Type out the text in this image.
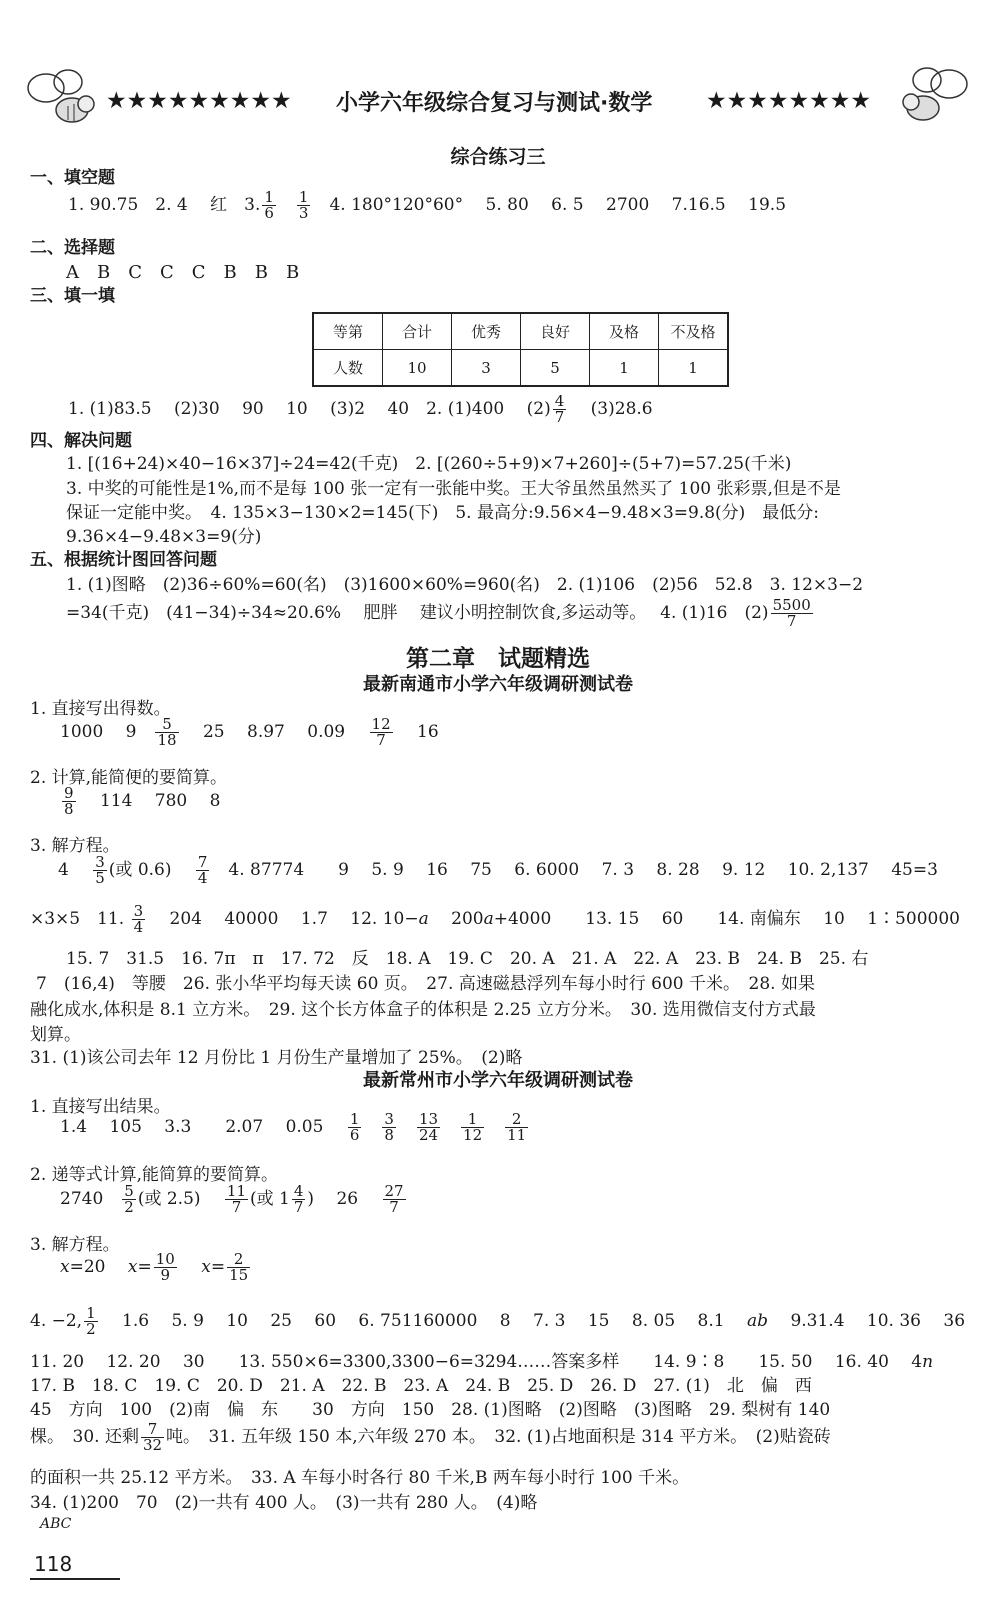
★★★★★★★★★ 小学六年级综合复习与测试·数学 ★★★★★★★★
综合练习三
一、填空题
1. 90.75　2. 4　 红　3. $\frac{1}{6}$
　 $\frac{1}{3}$ 　4. 180°120°60°　 5. 80　 6. 5　 2700　 7.16.5　 19.5
二、选择题
A　B　C　C　C　B　B　B
三、填一填
等第	合计	优秀	良好	及格	不及格
人数	10	3	5	1	1
1. (1)83.5　 (2)30　 90　 10　 (3)2　 40　2. (1)400　 $(2) \frac{4}{7}$ 　 (3)28.6
四、解决问题
1. [(16+24)×40−16×37]÷24=42(千克)　2. [(260÷5+9)×7+260]÷(5+7)=57.25(千米)
3. 中奖的可能性是1%,而不是每 100 张一定有一张能中奖。王大爷虽然虽然买了 100 张彩票,但是不是
保证一定能中奖。　4. 135×3−130×2=145(下)　5. 最高分:9.56×4−9.48×3=9.8(分)　最低分:
9.36×4−9.48×3=9(分)
五、根据统计图回答问题
1. (1)图略　(2)36÷60%=60(名)　(3)1600×60%=960(名)　2. (1)106　(2)56　52.8　3. 12×3−2
=34(千克)　(41−34)÷34≈20.6%　 肥胖　 建议小明控制饮食,多运动等。　 4. (1)16　$(2) \frac{5500}{7}$
第二章　试题精选
最新南通市小学六年级调研测试卷
1. 直接写出得数。
1000　 9　 $\frac{5}{18}$ 　 25　 8.97　 0.09　 $\frac{12}{7}$ 　 16
2. 计算,能简便的要简算。
$\frac{9}{8}$ 　 114　 780　 8
3. 解方程。
4　 $\frac{3}{5}$ (或 0.6)　 $\frac{7}{4}$ 　4. 87774　　9　 5. 9　 16　 75　 6. 6000　 7. 3　 8. 28　 9. 12　 10. 2,137　 45=3
×3×5　11. $\frac{3}{4}$ 　 204　 40000　 1.7　 12. 10−a　 200a+4000　　13. 15　 60　　14. 南偏东　 10　 1∶500000
15. 7　31.5　16. 7π　π　17. 72　反　18. A　19. C　20. A　21. A　22. A　23. B　24. B　25. 右
7　(16,4)　等腰　26. 张小华平均每天读 60 页。　27. 高速磁悬浮列车每小时行 600 千米。　28. 如果
融化成水,体积是 8.1 立方米。　29. 这个长方体盒子的体积是 2.25 立方分米。　30. 选用微信支付方式最
划算。
31. (1)该公司去年 12 月份比 1 月份生产量增加了 25%。　(2)略
最新常州市小学六年级调研测试卷
1. 直接写出结果。
1.4　 105　 3.3　　2.07　 0.05　 $\frac{1}{6}$
　 $\frac{3}{8}$
　 $\frac{13}{24}$
　 $\frac{1}{12}$
　 $\frac{2}{11}$
2. 递等式计算,能简算的要简算。
2740　 $\frac{5}{2}$ (或 2.5)　 $\frac{11}{7}$ (或 $1 \frac{4}{7}$ )　 26　 $\frac{27}{7}$
3. 解方程。
x=20　 $x= \frac{10}{9}$
　 $x= \frac{2}{15}$
4. −2, $\frac{1}{2}$ 　 1.6　 5. 9　 10　 25　 60　 6. 751160000　 8　 7. 3　 15　 8. 05　 8.1　 ab　 9.31.4　 10. 36　 36
11. 20　 12. 20　 30　　13. 550×6=3300,3300−6=3294……答案多样　　14. 9∶8　　15. 50　 16. 40　 4n
17. B　18. C　19. C　20. D　21. A　22. B　23. A　24. B　25. D　26. D　27. (1)　北　偏　西
45　方向　100　(2)南　偏　东　　30　方向　150　28. (1)图略　(2)图略　(3)图略　29. 梨树有 140
棵。　30. 还剩 $\frac{7}{32}$ 吨。　31. 五年级 150 本,六年级 270 本。　32. (1)占地面积是 314 平方米。　(2)贴瓷砖
的面积一共 25.12 平方米。　33. A 车每小时各行 80 千米,B 两车每小时行 100 千米。
34. (1)200　70　(2)一共有 400 人。　(3)一共有 280 人。　(4)略
ABC
118
